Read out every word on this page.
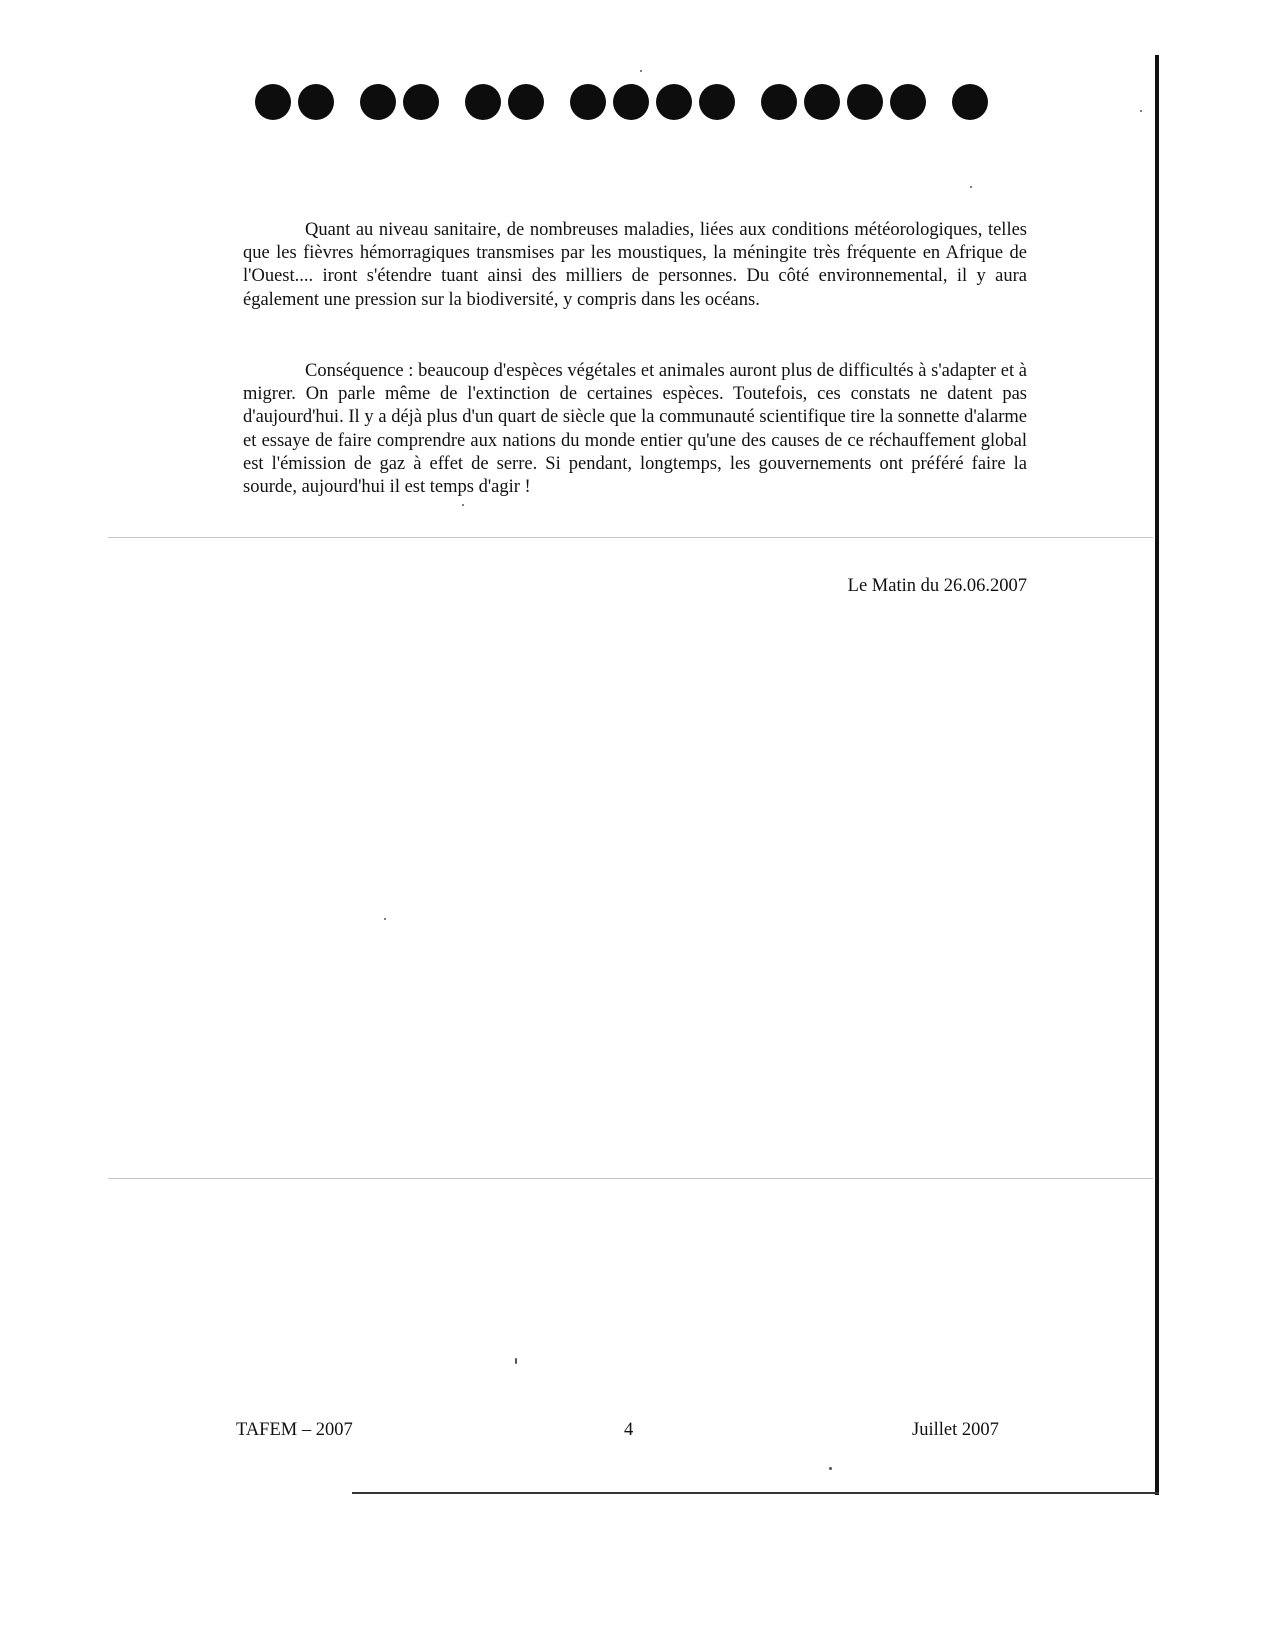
Quant au niveau sanitaire, de nombreuses maladies, liées aux conditions météorologiques, telles que les fièvres hémorragiques transmises par les moustiques, la méningite très fréquente en Afrique de l'Ouest.... iront s'étendre tuant ainsi des milliers de personnes. Du côté environnemental, il y aura également une pression sur la biodiversité, y compris dans les océans.

Conséquence : beaucoup d'espèces végétales et animales auront plus de difficultés à s'adapter et à migrer. On parle même de l'extinction de certaines espèces. Toutefois, ces constats ne datent pas d'aujourd'hui. Il y a déjà plus d'un quart de siècle que la communauté scientifique tire la sonnette d'alarme et essaye de faire comprendre aux nations du monde entier qu'une des causes de ce réchauffement global est l'émission de gaz à effet de serre. Si pendant, longtemps, les gouvernements ont préféré faire la sourde, aujourd'hui il est temps d'agir !

Le Matin du 26.06.2007
TAFEM – 2007	4	Juillet 2007
